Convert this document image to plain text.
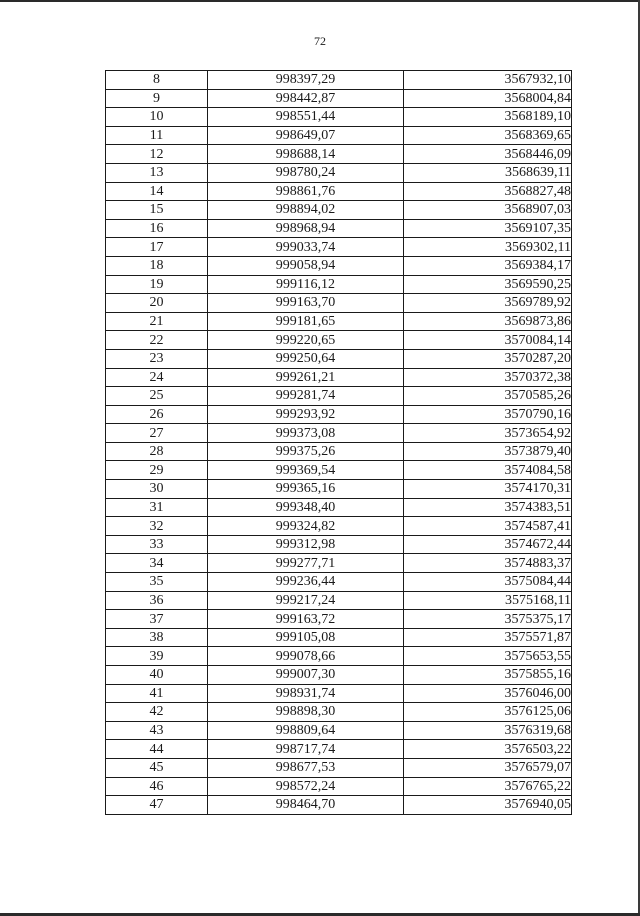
72
8	998397,29	3567932,10
9	998442,87	3568004,84
10	998551,44	3568189,10
11	998649,07	3568369,65
12	998688,14	3568446,09
13	998780,24	3568639,11
14	998861,76	3568827,48
15	998894,02	3568907,03
16	998968,94	3569107,35
17	999033,74	3569302,11
18	999058,94	3569384,17
19	999116,12	3569590,25
20	999163,70	3569789,92
21	999181,65	3569873,86
22	999220,65	3570084,14
23	999250,64	3570287,20
24	999261,21	3570372,38
25	999281,74	3570585,26
26	999293,92	3570790,16
27	999373,08	3573654,92
28	999375,26	3573879,40
29	999369,54	3574084,58
30	999365,16	3574170,31
31	999348,40	3574383,51
32	999324,82	3574587,41
33	999312,98	3574672,44
34	999277,71	3574883,37
35	999236,44	3575084,44
36	999217,24	3575168,11
37	999163,72	3575375,17
38	999105,08	3575571,87
39	999078,66	3575653,55
40	999007,30	3575855,16
41	998931,74	3576046,00
42	998898,30	3576125,06
43	998809,64	3576319,68
44	998717,74	3576503,22
45	998677,53	3576579,07
46	998572,24	3576765,22
47	998464,70	3576940,05
